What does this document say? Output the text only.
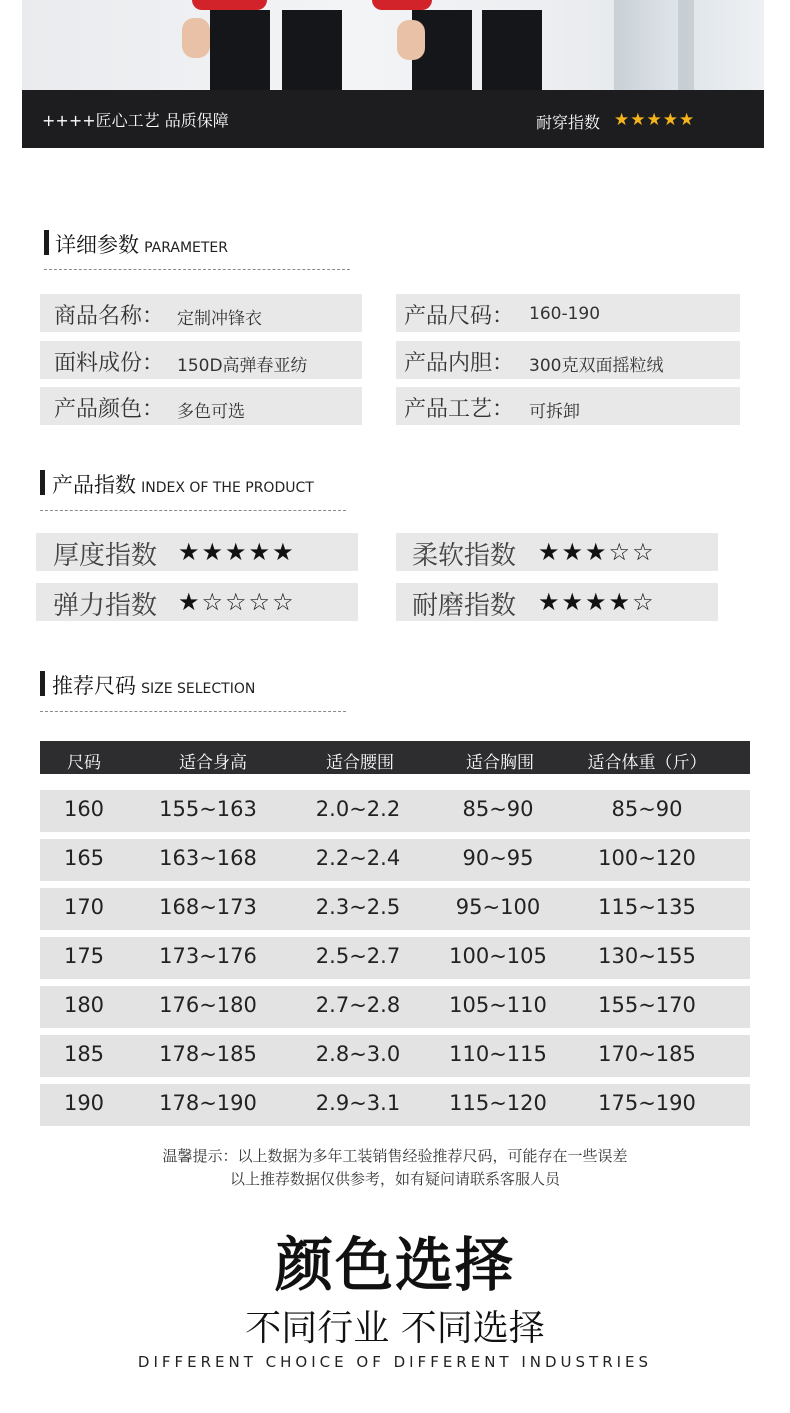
++++匠心工艺 品质保障	耐穿指数 ★★★★★
详细参数 PARAMETER
商品名称： 定制冲锋衣	产品尺码： 160-190
面料成份： 150D高弹春亚纺	产品内胆： 300克双面摇粒绒
产品颜色： 多色可选	产品工艺： 可拆卸
产品指数 INDEX OF THE PRODUCT
厚度指数 ★★★★★	柔软指数 ★★★☆☆
弹力指数 ★☆☆☆☆	耐磨指数 ★★★★☆
推荐尺码 SIZE SELECTION
尺码	适合身高	适合腰围	适合胸围	适合体重（斤）
160	155~163	2.0~2.2	85~90	85~90
165	163~168	2.2~2.4	90~95	100~120
170	168~173	2.3~2.5	95~100	115~135
175	173~176	2.5~2.7	100~105	130~155
180	176~180	2.7~2.8	105~110	155~170
185	178~185	2.8~3.0	110~115	170~185
190	178~190	2.9~3.1	115~120	175~190
温馨提示：以上数据为多年工装销售经验推荐尺码，可能存在一些误差
以上推荐数据仅供参考，如有疑问请联系客服人员
颜色选择
不同行业 不同选择
DIFFERENT CHOICE OF DIFFERENT INDUSTRIES
